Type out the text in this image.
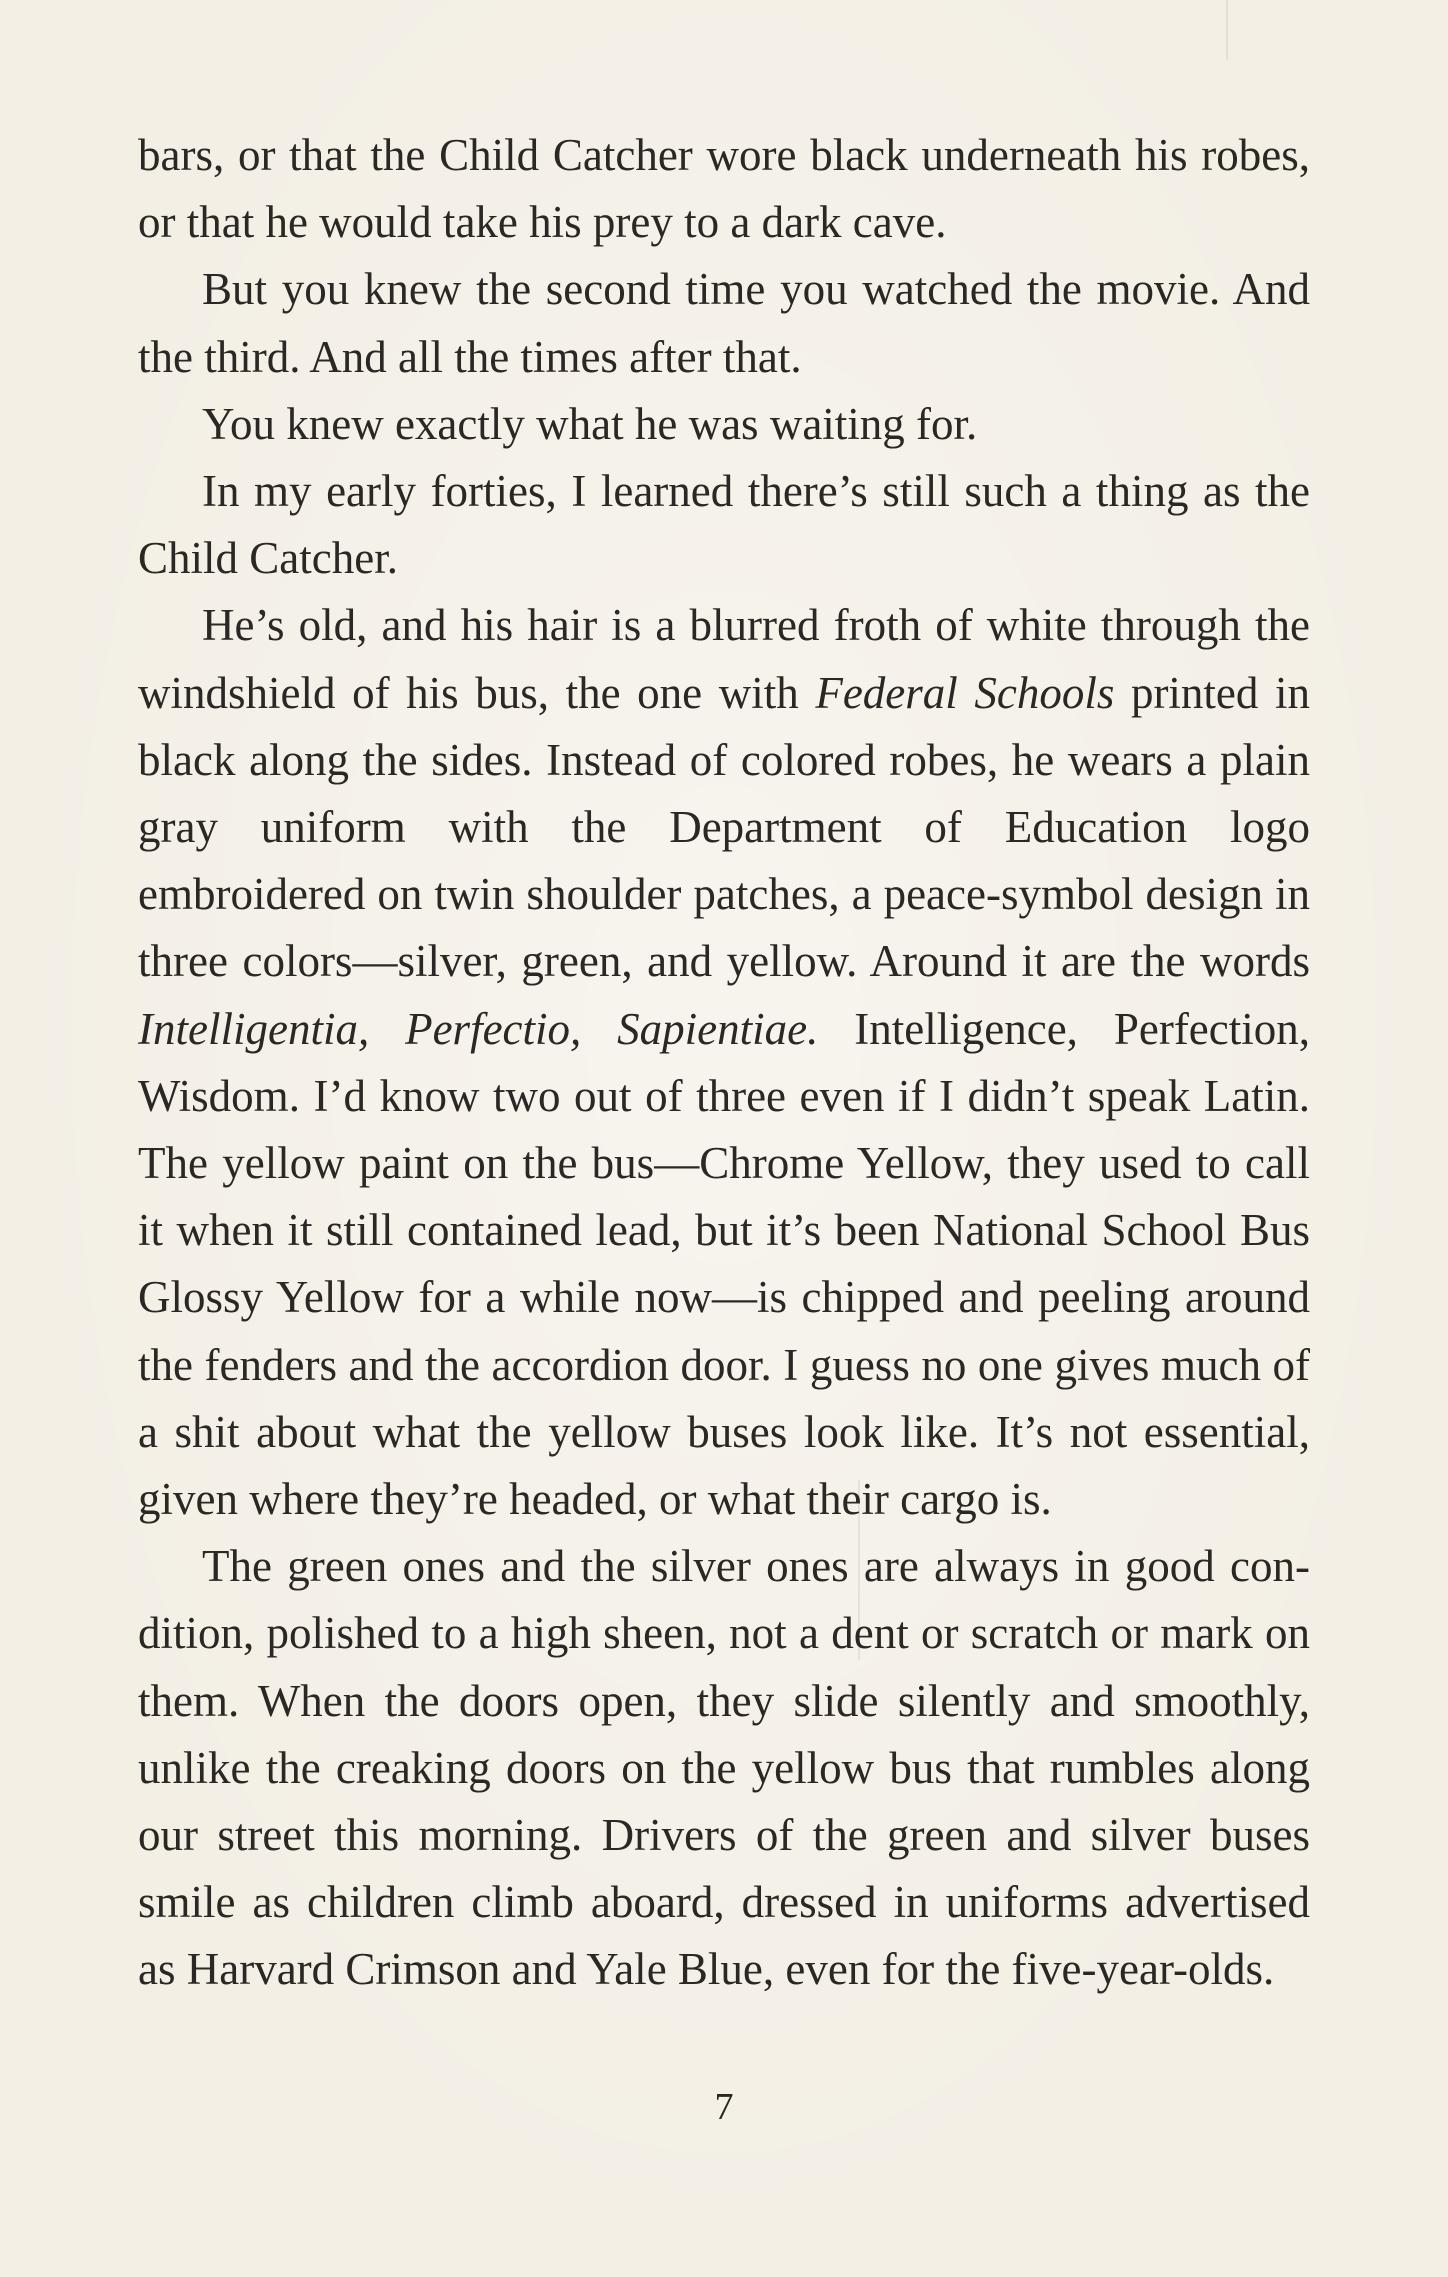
bars, or that the Child Catcher wore black underneath his robes, or that he would take his prey to a dark cave.

But you knew the second time you watched the movie. And the third. And all the times after that.

You knew exactly what he was waiting for.

In my early forties, I learned there’s still such a thing as the Child Catcher.

He’s old, and his hair is a blurred froth of white through the windshield of his bus, the one with Federal Schools printed in black along the sides. Instead of colored robes, he wears a plain gray uniform with the Department of Education logo embroidered on twin shoulder patches, a peace-symbol design in three colors—silver, green, and yellow. Around it are the words Intelligentia, Perfectio, Sapientiae. Intelligence, Perfection, Wisdom. I’d know two out of three even if I didn’t speak Latin. The yellow paint on the bus—Chrome Yellow, they used to call it when it still contained lead, but it’s been National School Bus Glossy Yellow for a while now—is chipped and peeling around the fenders and the accordion door. I guess no one gives much of a shit about what the yellow buses look like. It’s not essential, given where they’re headed, or what their cargo is.

The green ones and the silver ones are always in good condition, polished to a high sheen, not a dent or scratch or mark on them. When the doors open, they slide silently and smoothly, unlike the creaking doors on the yellow bus that rumbles along our street this morning. Drivers of the green and silver buses smile as children climb aboard, dressed in uniforms advertised as Harvard Crimson and Yale Blue, even for the five-year-olds.

7
